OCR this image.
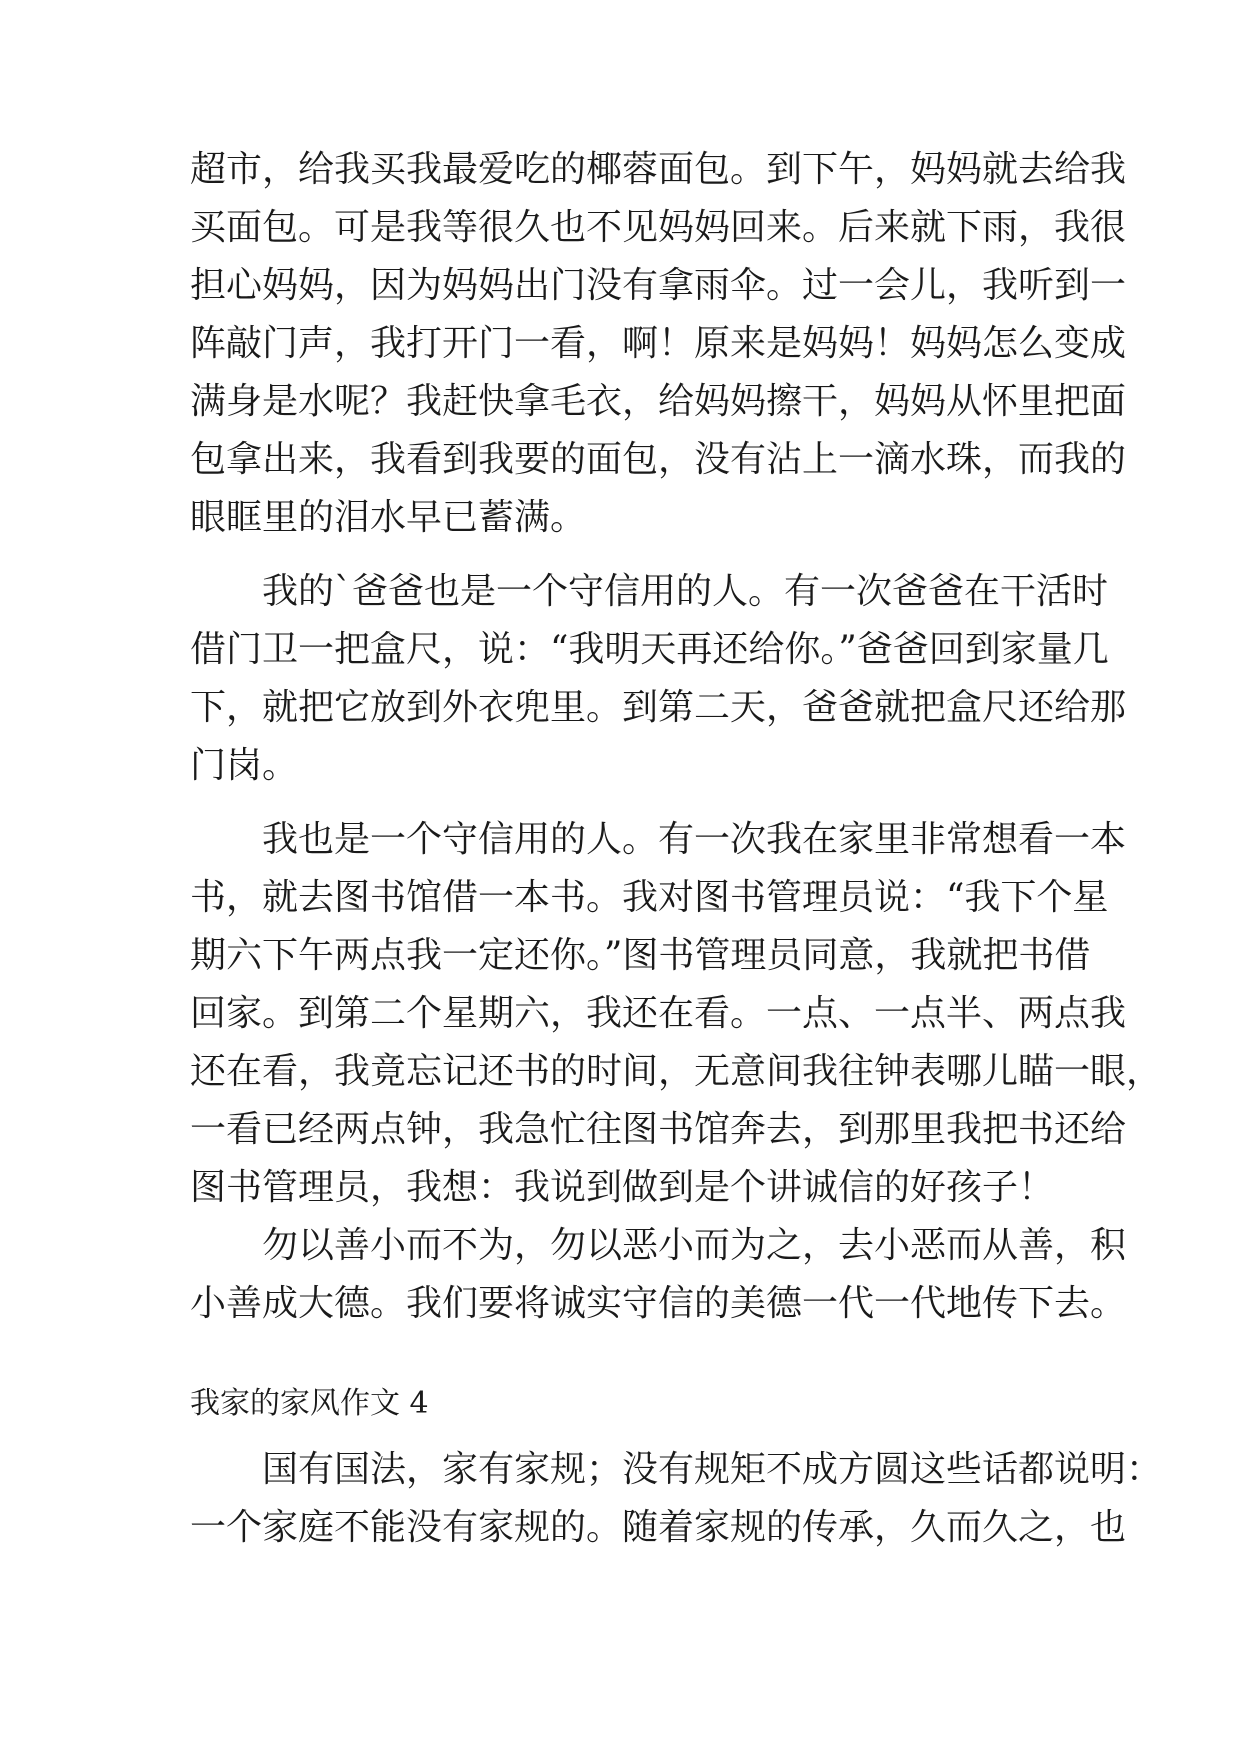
超市，给我买我最爱吃的椰蓉面包。到下午，妈妈就去给我
买面包。可是我等很久也不见妈妈回来。后来就下雨，我很
担心妈妈，因为妈妈出门没有拿雨伞。过一会儿，我听到一
阵敲门声，我打开门一看，啊！原来是妈妈！妈妈怎么变成
满身是水呢？我赶快拿毛衣，给妈妈擦干，妈妈从怀里把面
包拿出来，我看到我要的面包，没有沾上一滴水珠，而我的
眼眶里的泪水早已蓄满。
我的`爸爸也是一个守信用的人。有一次爸爸在干活时
借门卫一把盒尺，说：“我明天再还给你。”爸爸回到家量几
下，就把它放到外衣兜里。到第二天，爸爸就把盒尺还给那
门岗。
我也是一个守信用的人。有一次我在家里非常想看一本
书，就去图书馆借一本书。我对图书管理员说：“我下个星
期六下午两点我一定还你。”图书管理员同意，我就把书借
回家。到第二个星期六，我还在看。一点、一点半、两点我
还在看，我竟忘记还书的时间，无意间我往钟表哪儿瞄一眼，
一看已经两点钟，我急忙往图书馆奔去，到那里我把书还给
图书管理员，我想：我说到做到是个讲诚信的好孩子！
勿以善小而不为，勿以恶小而为之，去小恶而从善，积
小善成大德。我们要将诚实守信的美德一代一代地传下去。
我家的家风作文 4
国有国法，家有家规；没有规矩不成方圆这些话都说明：
一个家庭不能没有家规的。随着家规的传承，久而久之，也
